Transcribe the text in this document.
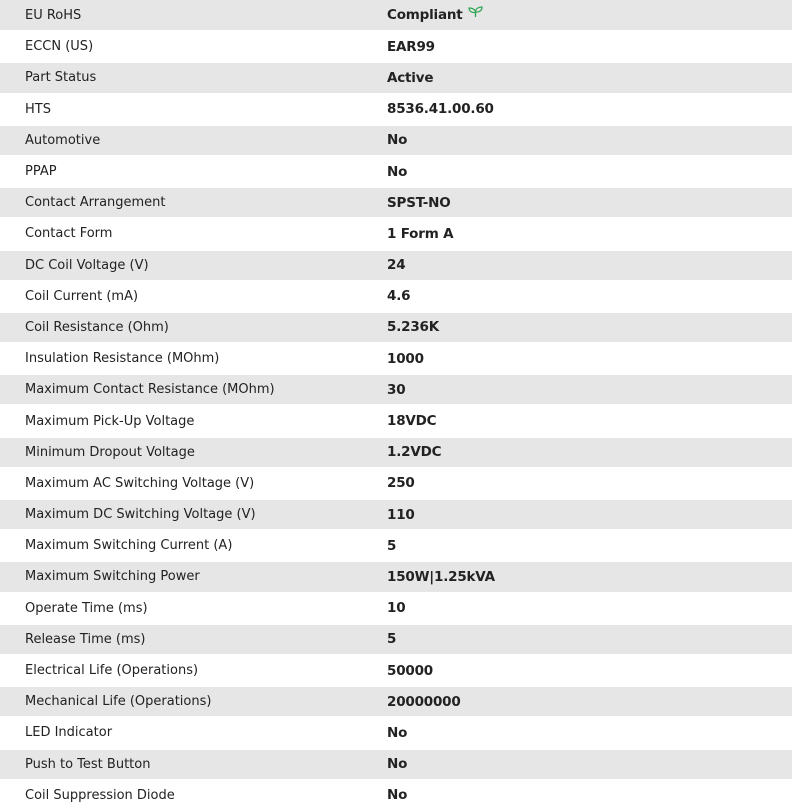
EU RoHS	Compliant
ECCN (US)	EAR99
Part Status	Active
HTS	8536.41.00.60
Automotive	No
PPAP	No
Contact Arrangement	SPST-NO
Contact Form	1 Form A
DC Coil Voltage (V)	24
Coil Current (mA)	4.6
Coil Resistance (Ohm)	5.236K
Insulation Resistance (MOhm)	1000
Maximum Contact Resistance (MOhm)	30
Maximum Pick-Up Voltage	18VDC
Minimum Dropout Voltage	1.2VDC
Maximum AC Switching Voltage (V)	250
Maximum DC Switching Voltage (V)	110
Maximum Switching Current (A)	5
Maximum Switching Power	150W|1.25kVA
Operate Time (ms)	10
Release Time (ms)	5
Electrical Life (Operations)	50000
Mechanical Life (Operations)	20000000
LED Indicator	No
Push to Test Button	No
Coil Suppression Diode	No
